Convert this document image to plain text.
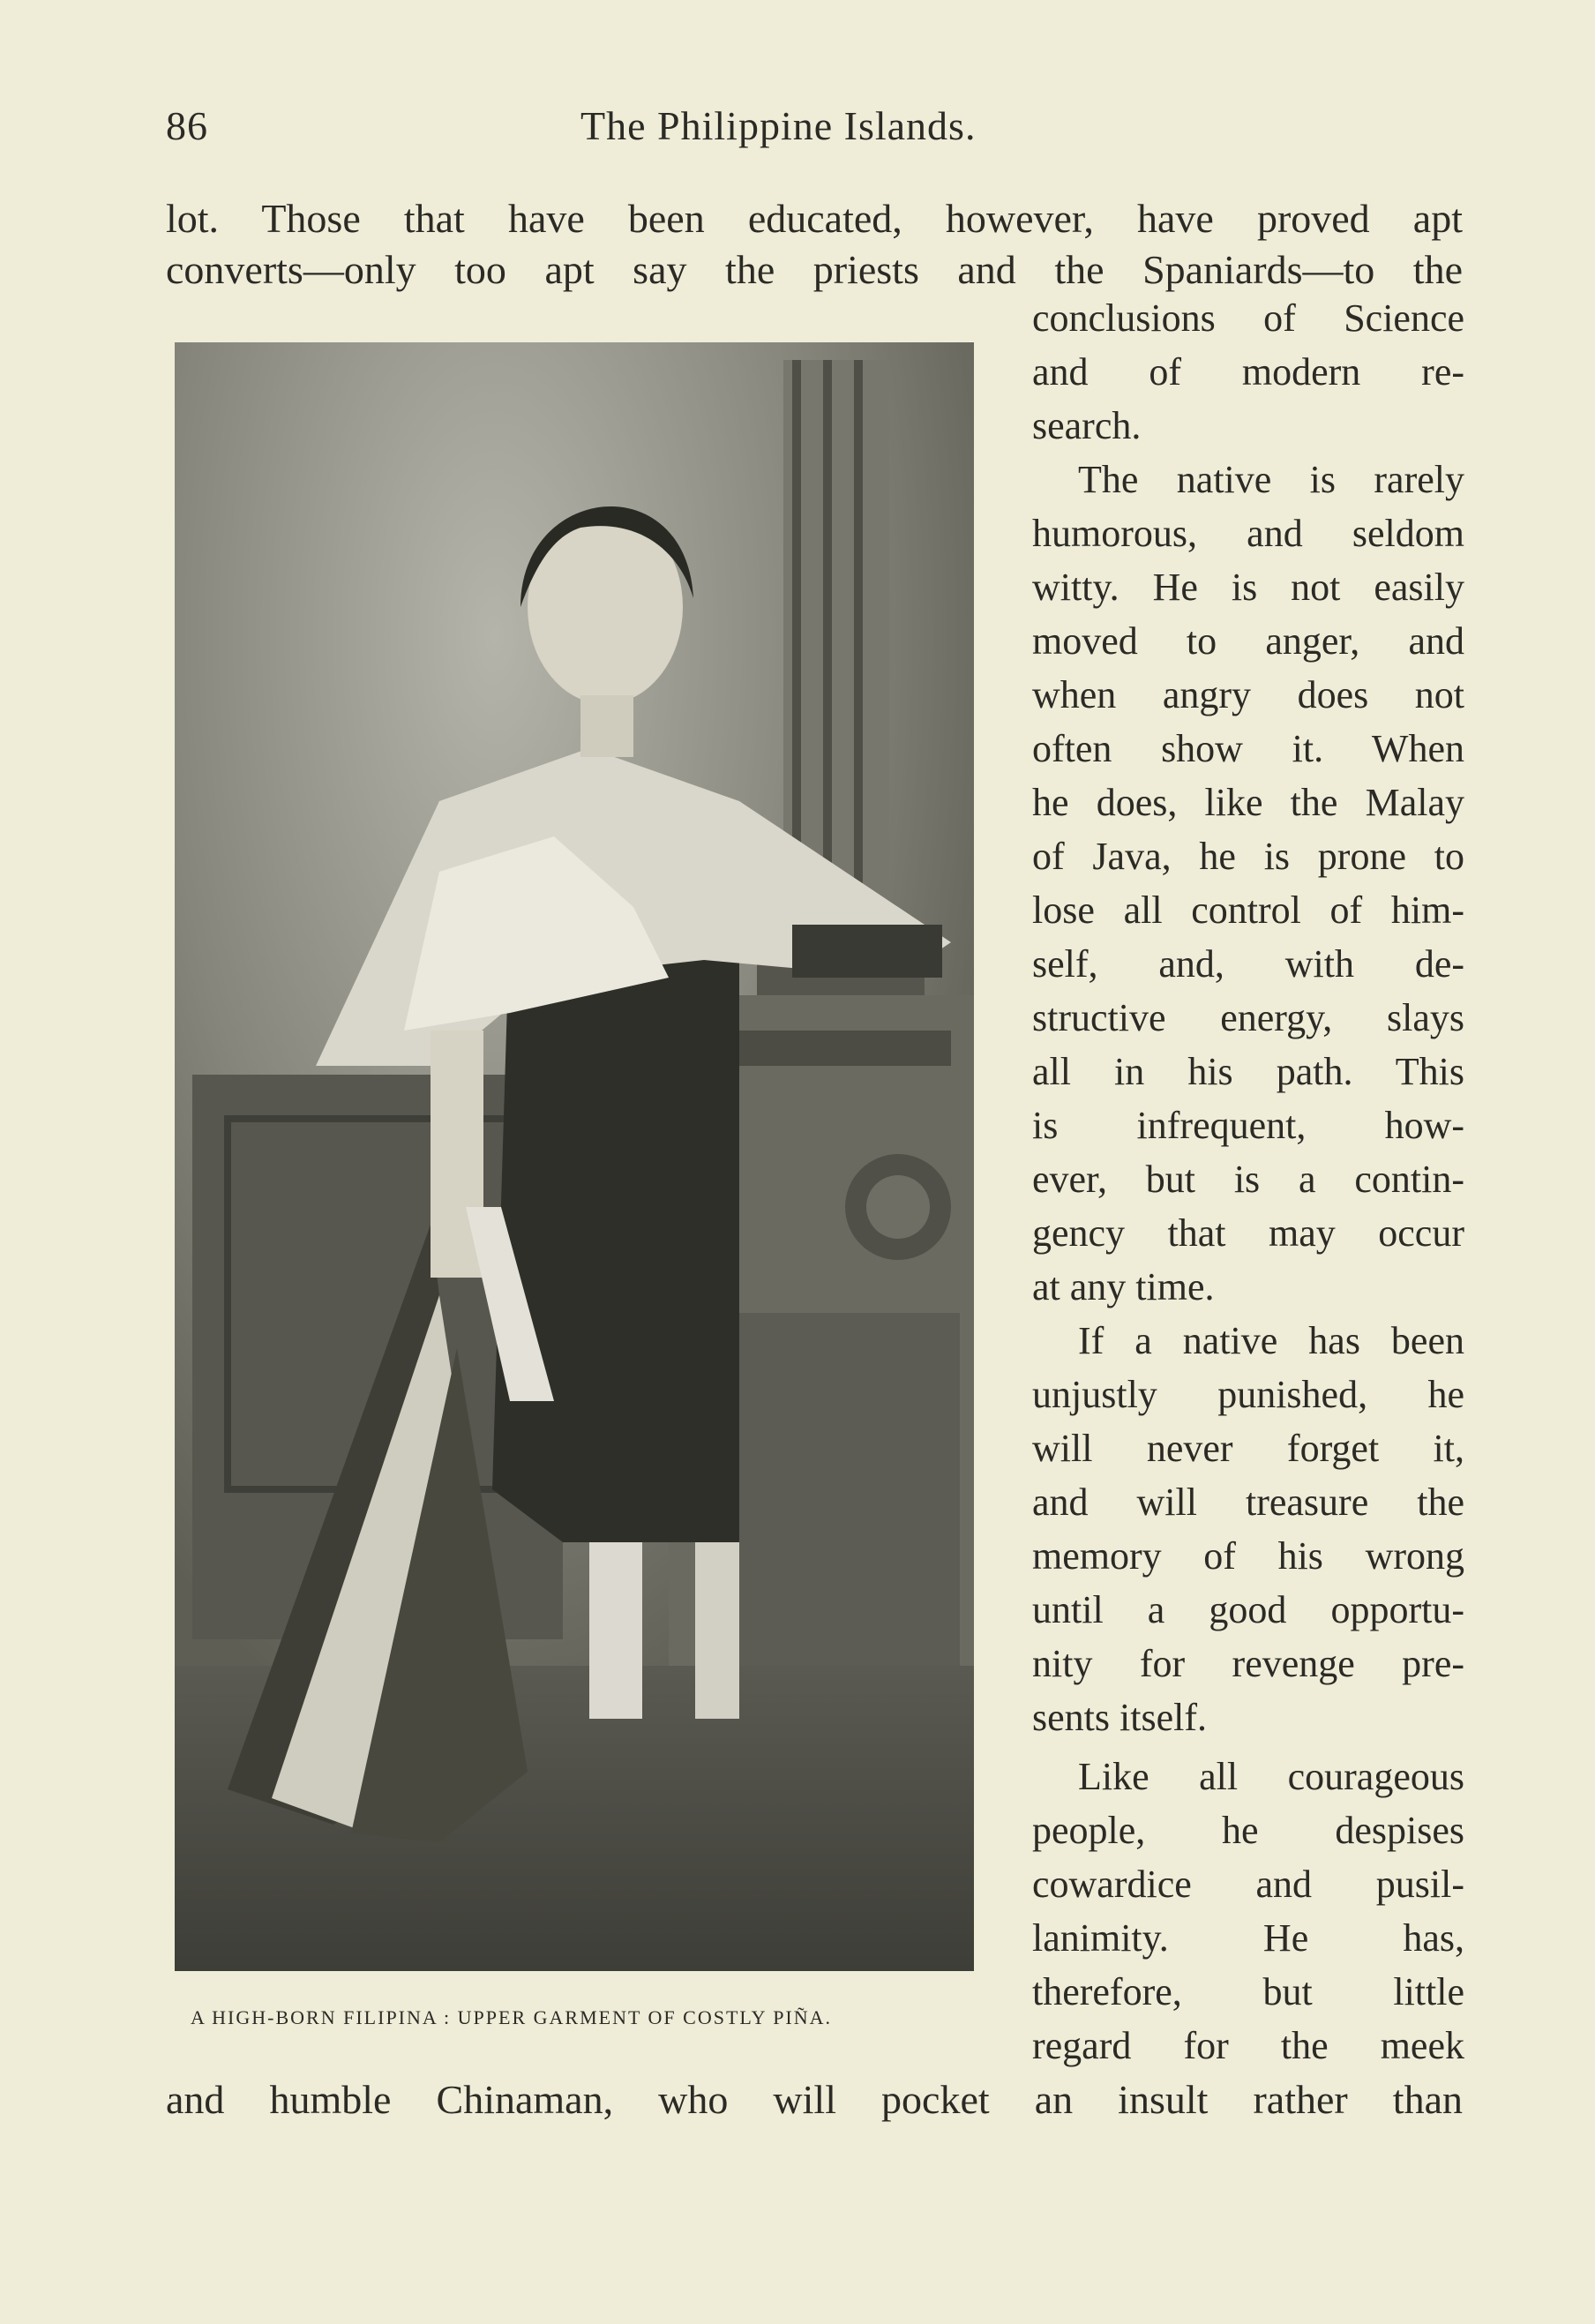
86	The Philippine Islands.
lot. Those that have been educated, however, have proved apt
converts—only too apt say the priests and the Spaniards—to the
A HIGH-BORN FILIPINA : UPPER GARMENT OF COSTLY PIÑA.
conclusions of Science
and of modern re-
search.
The native is rarely
humorous, and seldom
witty. He is not easily
moved to anger, and
when angry does not
often show it. When
he does, like the Malay
of Java, he is prone to
lose all control of him-
self, and, with de-
structive energy, slays
all in his path. This
is infrequent, how-
ever, but is a contin-
gency that may occur
at any time.
If a native has been
unjustly punished, he
will never forget it,
and will treasure the
memory of his wrong
until a good opportu-
nity for revenge pre-
sents itself.
Like all courageous
people, he despises
cowardice and pusil-
lanimity. He has,
therefore, but little
regard for the meek
and humble Chinaman, who will pocket an insult rather than
